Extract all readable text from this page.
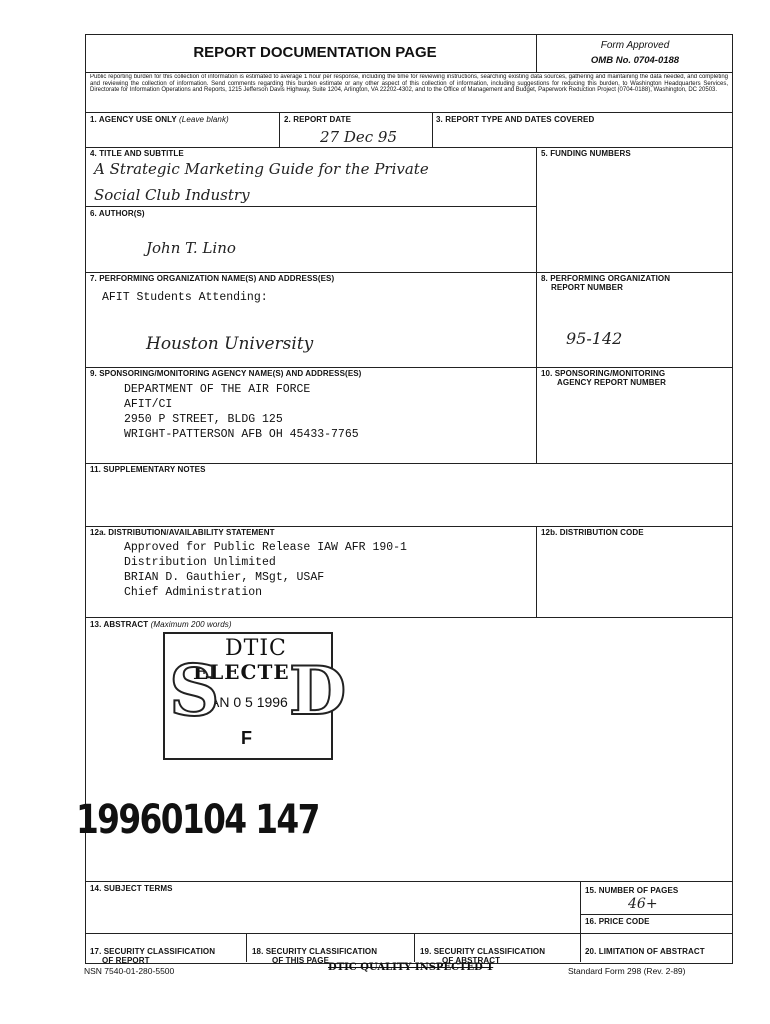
REPORT DOCUMENTATION PAGE	Form Approved
OMB No. 0704-0188
Public reporting burden for this collection of information is estimated to average 1 hour per response, including the time for reviewing instructions, searching existing data sources, gathering and maintaining the data needed, and completing and reviewing the collection of information. Send comments regarding this burden estimate or any other aspect of this collection of information, including suggestions for reducing this burden, to Washington Headquarters Services, Directorate for Information Operations and Reports, 1215 Jefferson Davis Highway, Suite 1204, Arlington, VA 22202-4302, and to the Office of Management and Budget, Paperwork Reduction Project (0704-0188), Washington, DC 20503.
1. AGENCY USE ONLY (Leave blank)	2. REPORT DATE
27 Dec 95
3. REPORT TYPE AND DATES COVERED
4. TITLE AND SUBTITLE
A Strategic Marketing Guide for the Private
Social Club Industry
5. FUNDING NUMBERS
6. AUTHOR(S)
John T. Lino
7. PERFORMING ORGANIZATION NAME(S) AND ADDRESS(ES)
AFIT Students Attending:
Houston University
8. PERFORMING ORGANIZATION
REPORT NUMBER
95-142
9. SPONSORING/MONITORING AGENCY NAME(S) AND ADDRESS(ES)
DEPARTMENT OF THE AIR FORCE
AFIT/CI
2950 P STREET, BLDG 125
WRIGHT-PATTERSON AFB OH 45433-7765
10. SPONSORING/MONITORING
AGENCY REPORT NUMBER
11. SUPPLEMENTARY NOTES
12a. DISTRIBUTION/AVAILABILITY STATEMENT
Approved for Public Release IAW AFR 190-1
Distribution Unlimited
BRIAN D. Gauthier, MSgt, USAF
Chief Administration
12b. DISTRIBUTION CODE
13. ABSTRACT (Maximum 200 words)
DTIC
ELECTE
JAN 0 5 1996
S D
F
19960104 147
14. SUBJECT TERMS	15. NUMBER OF PAGES
46+
16. PRICE CODE
17. SECURITY CLASSIFICATION
OF REPORT
18. SECURITY CLASSIFICATION
OF THIS PAGE
19. SECURITY CLASSIFICATION
OF ABSTRACT
20. LIMITATION OF ABSTRACT
NSN 7540-01-280-5500	DTIC QUALITY INSPECTED 1	Standard Form 298 (Rev. 2-89)
